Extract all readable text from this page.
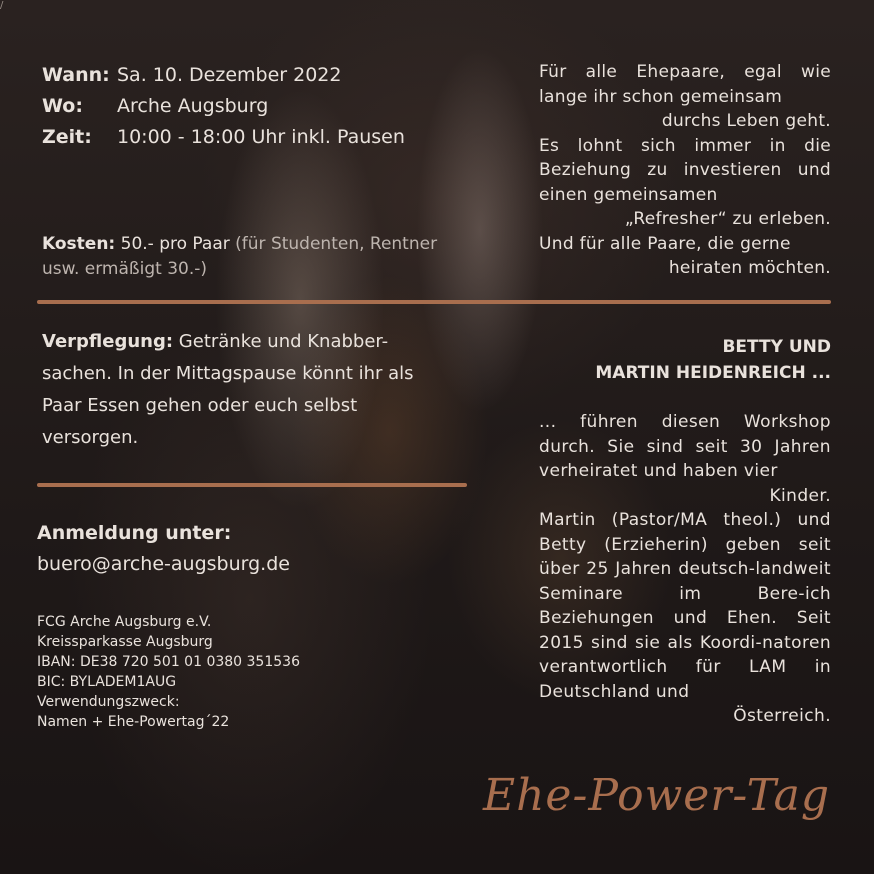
/
Wann: Sa. 10. Dezember 2022
Wo:	Arche Augsburg
Zeit:	10:00 - 18:00 Uhr inkl. Pausen

Für alle Ehepaare, egal wie lange ihr schon gemeinsam

durchs Leben geht.

Es lohnt sich immer in die Beziehung zu investieren und einen gemeinsamen

„Refresher“ zu erleben.

Und für alle Paare, die gerne

heiraten möchten.

Kosten: 50.- pro Paar (für Studenten, Rentner usw. ermäßigt 30.-)
Verpflegung: Getränke und Knabber-sachen. In der Mittagspause könnt ihr als Paar Essen gehen oder euch selbst versorgen.
BETTY UND
MARTIN HEIDENREICH ...

... führen diesen Workshop durch. Sie sind seit 30 Jahren verheiratet und haben vier

Kinder.

Martin (Pastor/MA theol.) und Betty (Erzieherin) geben seit über 25 Jahren deutsch-landweit Seminare im Bere-ich Beziehungen und Ehen. Seit 2015 sind sie als Koordi-natoren verantwortlich für LAM in Deutschland und

Österreich.

Anmeldung unter:
buero@arche-augsburg.de
FCG Arche Augsburg e.V.
Kreissparkasse Augsburg
IBAN: DE38 720 501 01 0380 351536
BIC: BYLADEM1AUG
Verwendungszweck:
Namen + Ehe-Powertag´22
Ehe-Power-Tag
